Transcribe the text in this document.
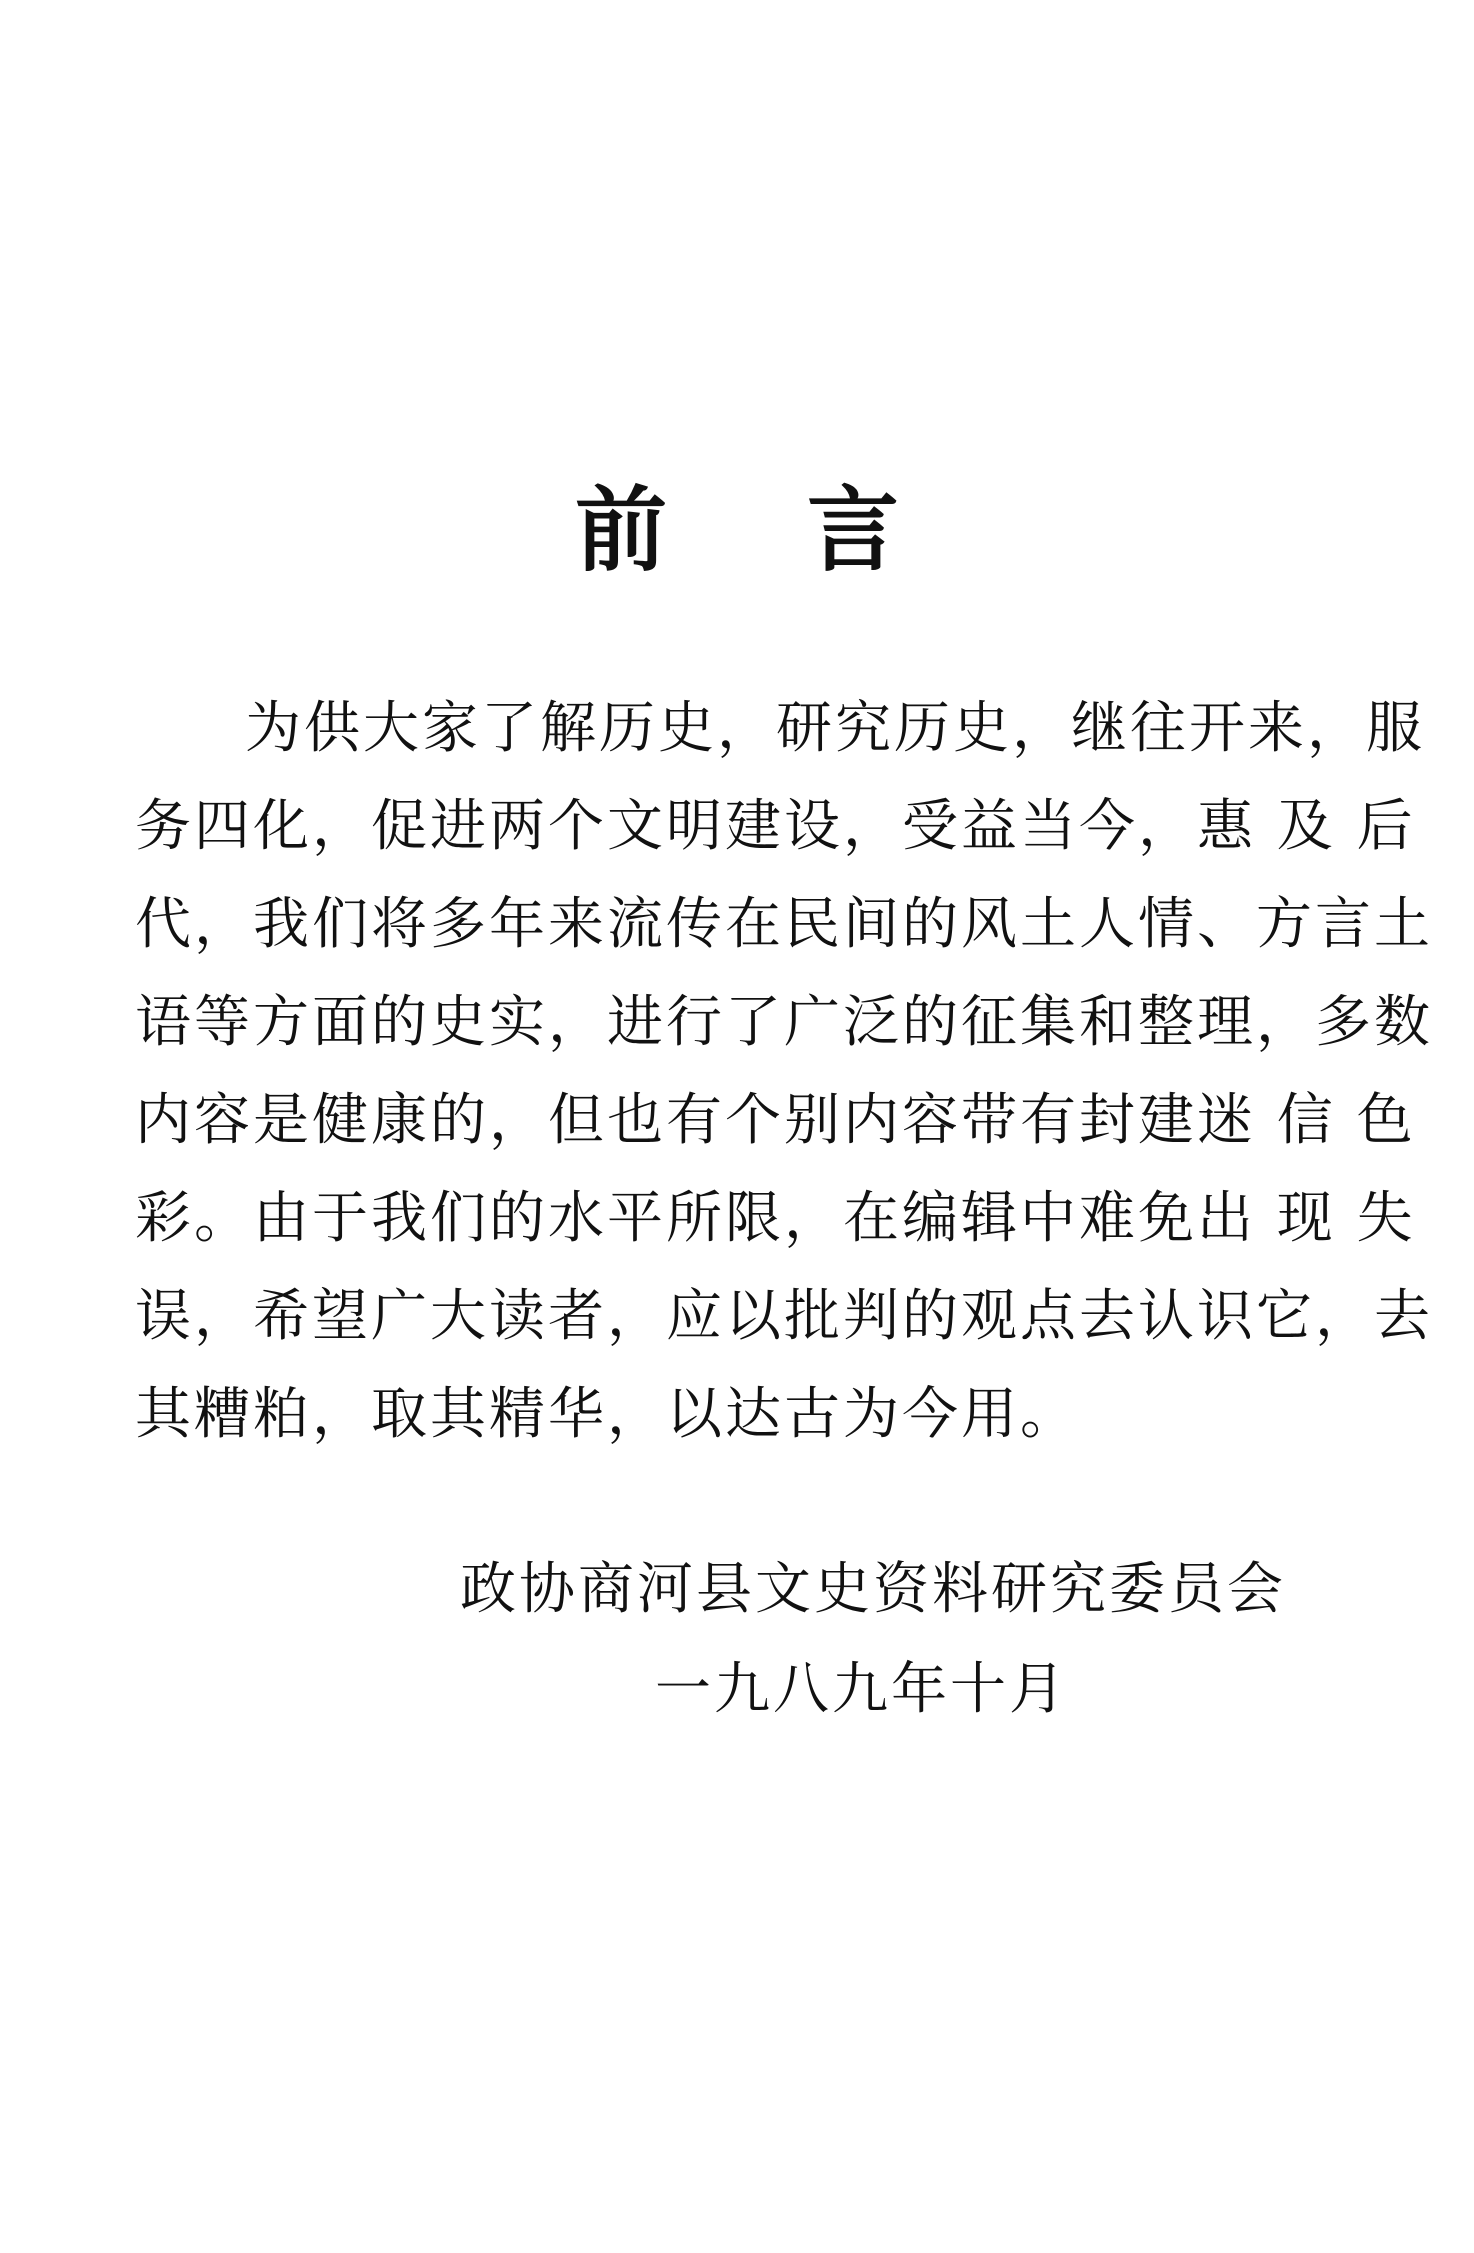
前言
为供大家了解历史，研究历史，继往开来，服
务四化，促进两个文明建设，受益当今，惠 及 后
代，我们将多年来流传在民间的风土人情、方言土
语等方面的史实，进行了广泛的征集和整理，多数
内容是健康的，但也有个别内容带有封建迷 信 色
彩。由于我们的水平所限，在编辑中难免出 现 失
误，希望广大读者，应以批判的观点去认识它，去
其糟粕，取其精华，以达古为今用。
政协商河县文史资料研究委员会
一九八九年十月
